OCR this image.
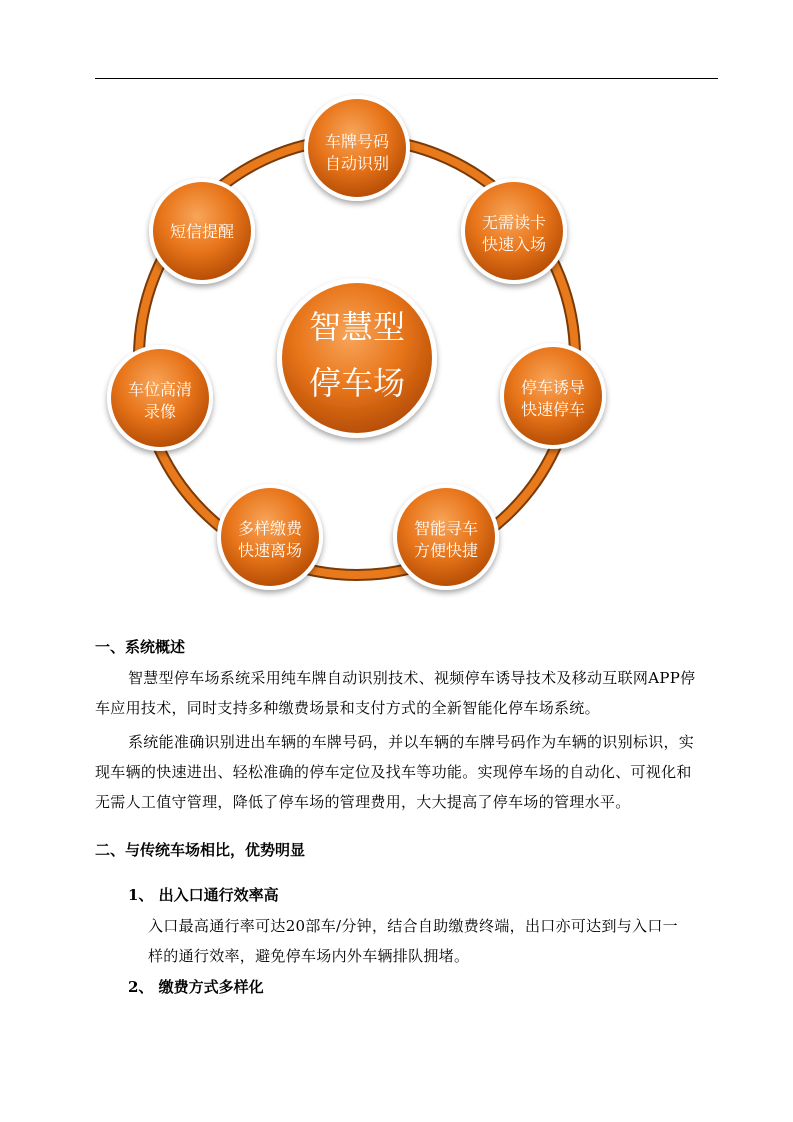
智慧型
停车场
车牌号码
自动识别
无需读卡
快速入场
停车诱导
快速停车
智能寻车
方便快捷
多样缴费
快速离场
车位高清
录像
短信提醒
一、系统概述
智慧型停车场系统采用纯车牌自动识别技术、视频停车诱导技术及移动互联网APP停
车应用技术，同时支持多种缴费场景和支付方式的全新智能化停车场系统。
系统能准确识别进出车辆的车牌号码，并以车辆的车牌号码作为车辆的识别标识，实
现车辆的快速进出、轻松准确的停车定位及找车等功能。实现停车场的自动化、可视化和
无需人工值守管理，降低了停车场的管理费用，大大提高了停车场的管理水平。
二、与传统车场相比，优势明显
1、 出入口通行效率高
入口最高通行率可达20部车/分钟，结合自助缴费终端，出口亦可达到与入口一
样的通行效率，避免停车场内外车辆排队拥堵。
2、 缴费方式多样化
